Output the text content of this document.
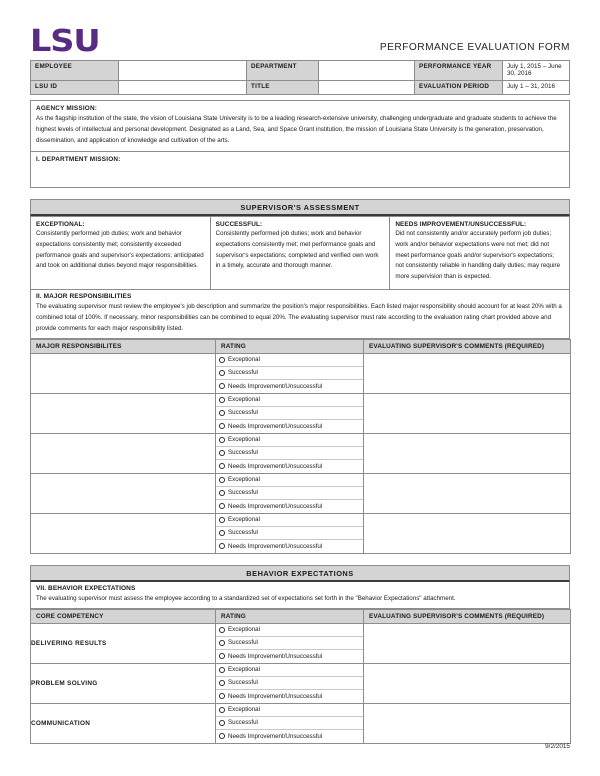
LSU	PERFORMANCE EVALUATION FORM
EMPLOYEE		DEPARTMENT		PERFORMANCE YEAR	July 1, 2015 – June 30, 2016
LSU ID		TITLE		EVALUATION PERIOD	July 1 – 31, 2016
AGENCY MISSION:
As the flagship institution of the state, the vision of Louisiana State University is to be a leading research-extensive university, challenging undergraduate and graduate students to achieve the highest levels of intellectual and personal development. Designated as a Land, Sea, and Space Grant institution, the mission of Louisiana State University is the generation, preservation, dissemination, and application of knowledge and cultivation of the arts.
I. DEPARTMENT MISSION:
SUPERVISOR'S ASSESSMENT
EXCEPTIONAL:
Consistently performed job duties; work and behavior expectations consistently met; consistently exceeded performance goals and supervisor's expectations; anticipated and took on additional duties beyond major responsibilities.

SUCCESSFUL:
Consistently performed job duties; work and behavior expectations consistently met; met performance goals and supervisor's expectations; completed and verified own work in a timely, accurate and thorough manner.

NEEDS IMPROVEMENT/UNSUCCESSFUL:
Did not consistently and/or accurately perform job duties; work and/or behavior expectations were not met; did not meet performance goals and/or supervisor's expectations; not consistently reliable in handling daily duties; may require more supervision than is expected.
II. MAJOR RESPONSIBILITIES
The evaluating supervisor must review the employee's job description and summarize the position's major responsibilities. Each listed major responsibility should account for at least 20% with a combined total of 100%. If necessary, minor responsibilities can be combined to equal 20%. The evaluating supervisor must rate according to the evaluation rating chart provided above and provide comments for each major responsibility listed.
MAJOR RESPONSIBILITES	RATING	EVALUATING SUPERVISOR'S COMMENTS (REQUIRED)

	Exceptional
Successful
Needs Improvement/Unsuccessful	

	Exceptional
Successful
Needs Improvement/Unsuccessful	

	Exceptional
Successful
Needs Improvement/Unsuccessful	

	Exceptional
Successful
Needs Improvement/Unsuccessful	

	Exceptional
Successful
Needs Improvement/Unsuccessful	

BEHAVIOR EXPECTATIONS
VII. BEHAVIOR EXPECTATIONS
The evaluating supervisor must assess the employee according to a standardized set of expectations set forth in the "Behavior Expectations" attachment.
CORE COMPETENCY	RATING	EVALUATING SUPERVISOR'S COMMENTS (REQUIRED)
DELIVERING RESULTS	Exceptional
Successful
Needs Improvement/Unsuccessful	

PROBLEM SOLVING	Exceptional
Successful
Needs Improvement/Unsuccessful	

COMMUNICATION	Exceptional
Successful
Needs Improvement/Unsuccessful	

9/2/2015
